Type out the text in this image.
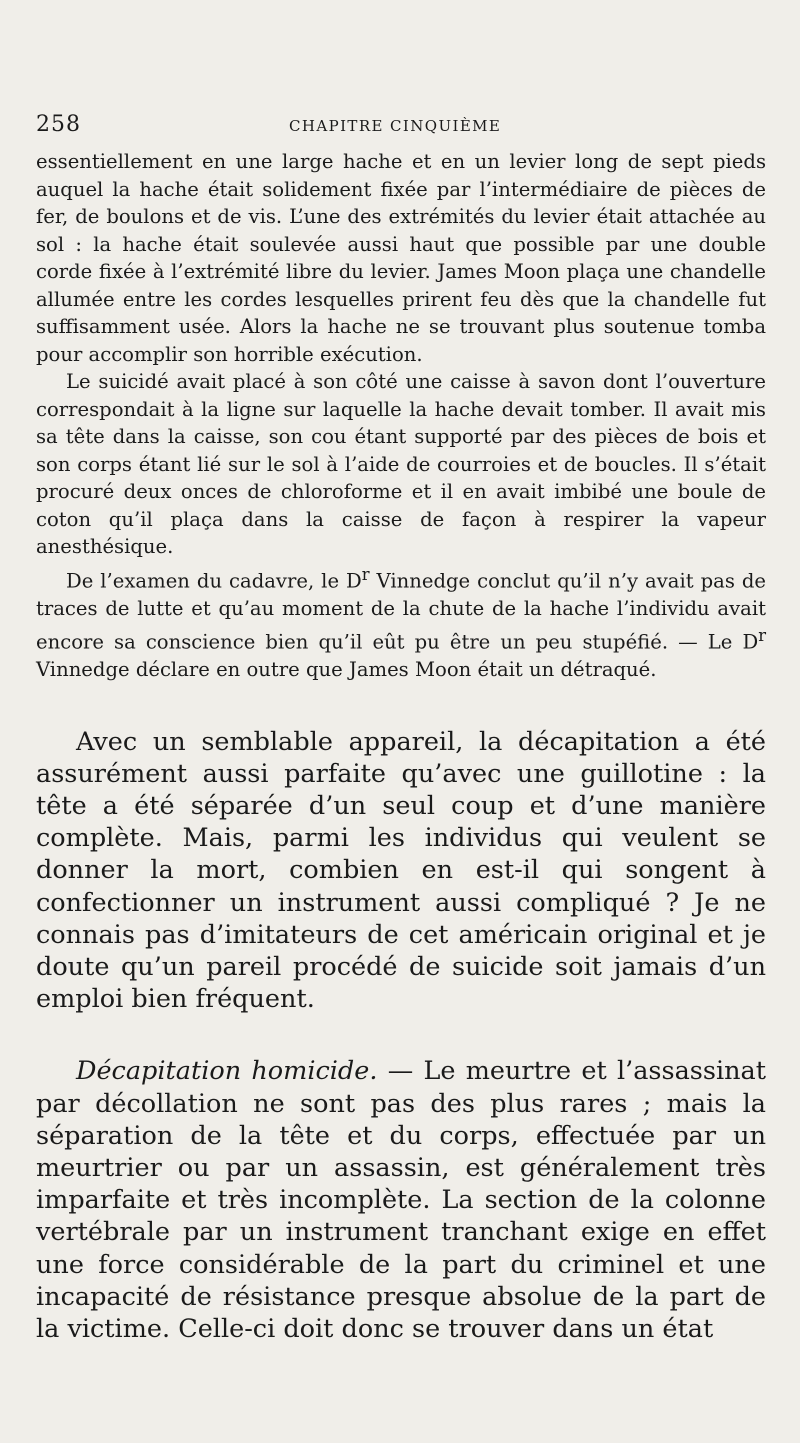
258	CHAPITRE CINQUIÈME

essentiellement en une large hache et en un levier long de sept pieds auquel la hache était solidement fixée par l’intermédiaire de pièces de fer, de boulons et de vis. L’une des extrémités du levier était attachée au sol : la hache était soulevée aussi haut que possible par une double corde fixée à l’extrémité libre du levier. James Moon plaça une chandelle allumée entre les cordes lesquelles prirent feu dès que la chandelle fut suffisamment usée. Alors la hache ne se trouvant plus soutenue tomba pour accomplir son horrible exécution.

Le suicidé avait placé à son côté une caisse à savon dont l’ouverture correspondait à la ligne sur laquelle la hache devait tomber. Il avait mis sa tête dans la caisse, son cou étant supporté par des pièces de bois et son corps étant lié sur le sol à l’aide de courroies et de boucles. Il s’était procuré deux onces de chloroforme et il en avait imbibé une boule de coton qu’il plaça dans la caisse de façon à respirer la vapeur anesthésique.

De l’examen du cadavre, le $D^r$ Vinnedge conclut qu’il n’y avait pas de traces de lutte et qu’au moment de la chute de la hache l’individu avait encore sa conscience bien qu’il eût pu être un peu stupéfié. — Le $D^r$ Vinnedge déclare en outre que James Moon était un détraqué.

Avec un semblable appareil, la décapitation a été assurément aussi parfaite qu’avec une guillotine : la tête a été séparée d’un seul coup et d’une manière complète. Mais, parmi les individus qui veulent se donner la mort, combien en est-il qui songent à confectionner un instrument aussi compliqué ? Je ne connais pas d’imitateurs de cet américain original et je doute qu’un pareil procédé de suicide soit jamais d’un emploi bien fréquent.

Décapitation homicide. — Le meurtre et l’assassinat par décollation ne sont pas des plus rares ; mais la séparation de la tête et du corps, effectuée par un meurtrier ou par un assassin, est généralement très imparfaite et très incomplète. La section de la colonne vertébrale par un instrument tranchant exige en effet une force considérable de la part du criminel et une incapacité de résistance presque absolue de la part de la victime. Celle-ci doit donc se trouver dans un état
